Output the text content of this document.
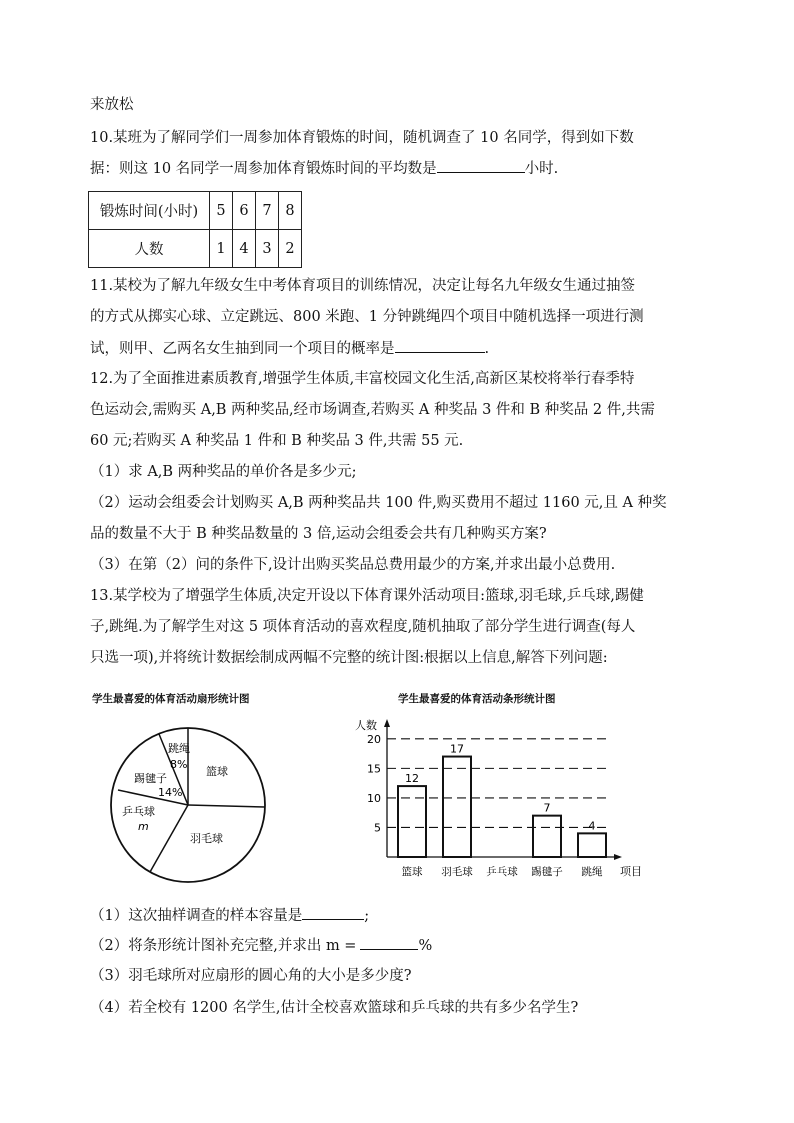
来放松
10.某班为了解同学们一周参加体育锻炼的时间，随机调查了 10 名同学，得到如下数
据：则这 10 名同学一周参加体育锻炼时间的平均数是	小时.
锻炼时间(小时)	5	6	7	8
人数	1	4	3	2
11.某校为了解九年级女生中考体育项目的训练情况，决定让每名九年级女生通过抽签
的方式从掷实心球、立定跳远、800 米跑、1 分钟跳绳四个项目中随机选择一项进行测
试，则甲、乙两名女生抽到同一个项目的概率是	.
12.为了全面推进素质教育,增强学生体质,丰富校园文化生活,高新区某校将举行春季特
色运动会,需购买 A,B 两种奖品,经市场调查,若购买 A 种奖品 3 件和 B 种奖品 2 件,共需
60 元;若购买 A 种奖品 1 件和 B 种奖品 3 件,共需 55 元.
（1）求 A,B 两种奖品的单价各是多少元;
（2）运动会组委会计划购买 A,B 两种奖品共 100 件,购买费用不超过 1160 元,且 A 种奖
品的数量不大于 B 种奖品数量的 3 倍,运动会组委会共有几种购买方案?
（3）在第（2）问的条件下,设计出购买奖品总费用最少的方案,并求出最小总费用.
13.某学校为了增强学生体质,决定开设以下体育课外活动项目:篮球,羽毛球,乒乓球,踢健
子,跳绳.为了解学生对这 5 项体育活动的喜欢程度,随机抽取了部分学生进行调查(每人
只选一项),并将统计数据绘制成两幅不完整的统计图:根据以上信息,解答下列问题:
学生最喜爱的体育活动扇形统计图
跳绳
8%
篮球
踢毽子
14%
乒乓球
m
羽毛球
学生最喜爱的体育活动条形统计图
人数
项目
5
10
15
20
12
篮球
17
羽毛球 乒乓球
7
踢毽子
4
跳绳
（1）这次抽样调查的样本容量是	;
（2）将条形统计图补充完整,并求出 m =	%
（3）羽毛球所对应扇形的圆心角的大小是多少度?
（4）若全校有 1200 名学生,估计全校喜欢篮球和乒乓球的共有多少名学生?
